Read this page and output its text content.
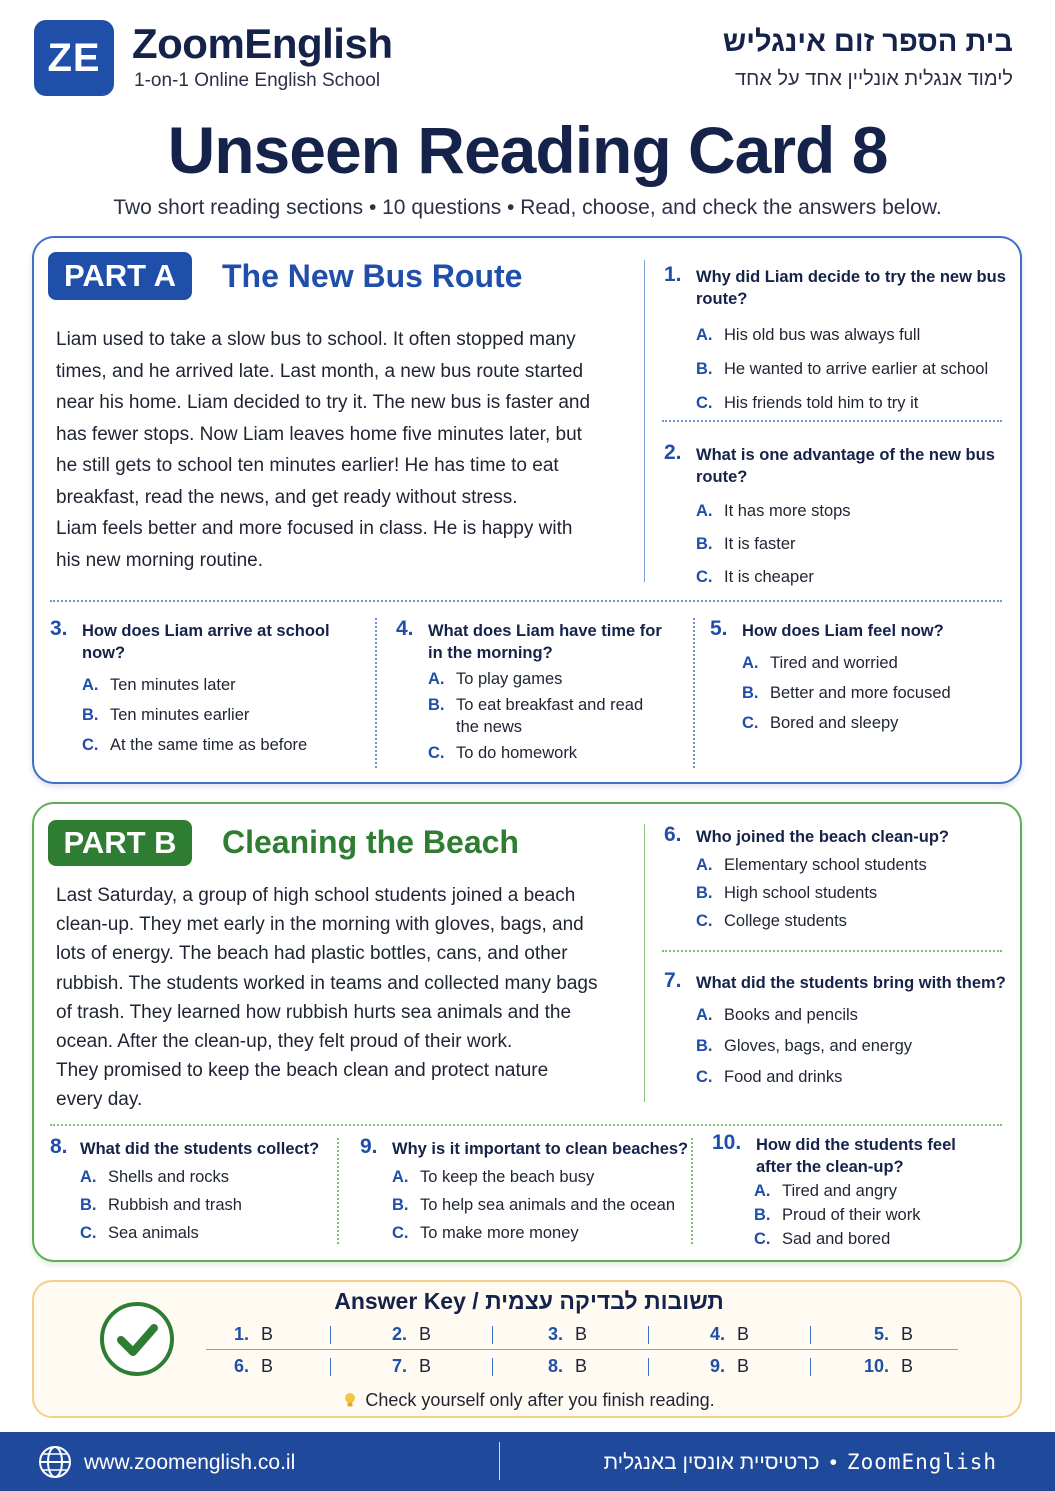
ZE ZoomEnglish
1-on-1 Online English School
בית הספר זום אינגליש
לימוד אנגלית אונליין אחד על אחד
Unseen Reading Card 8
Two short reading sections • 10 questions • Read, choose, and check the answers below.
PART A	The New Bus Route
Liam used to take a slow bus to school. It often stopped many
times, and he arrived late. Last month, a new bus route started
near his home. Liam decided to try it. The new bus is faster and
has fewer stops. Now Liam leaves home five minutes later, but
he still gets to school ten minutes earlier! He has time to eat
breakfast, read the news, and get ready without stress.
Liam feels better and more focused in class. He is happy with
his new morning routine.
1. Why did Liam decide to try the new bus route?
A. His old bus was always full
B. He wanted to arrive earlier at school
C. His friends told him to try it
2. What is one advantage of the new bus route?
A. It has more stops
B. It is faster
C. It is cheaper
3. How does Liam arrive at school now?
A. Ten minutes later
B. Ten minutes earlier
C. At the same time as before
4. What does Liam have time for in the morning?
A. To play games
B. To eat breakfast and read the news
C. To do homework
5. How does Liam feel now?
A. Tired and worried
B. Better and more focused
C. Bored and sleepy
PART B	Cleaning the Beach
Last Saturday, a group of high school students joined a beach
clean-up. They met early in the morning with gloves, bags, and
lots of energy. The beach had plastic bottles, cans, and other
rubbish. The students worked in teams and collected many bags
of trash. They learned how rubbish hurts sea animals and the
ocean. After the clean-up, they felt proud of their work.
They promised to keep the beach clean and protect nature
every day.
6. Who joined the beach clean-up?
A. Elementary school students
B. High school students
C. College students
7. What did the students bring with them?
A. Books and pencils
B. Gloves, bags, and energy
C. Food and drinks
8. What did the students collect?
A. Shells and rocks
B. Rubbish and trash
C. Sea animals
9. Why is it important to clean beaches?
A. To keep the beach busy
B. To help sea animals and the ocean
C. To make more money
10. How did the students feel after the clean-up?
A. Tired and angry
B. Proud of their work
C. Sad and bored
Answer Key / תשובות לבדיקה עצמית
1. B	2. B	3. B	4. B	5. B
6. B	7. B	8. B	9. B	10. B
Check yourself only after you finish reading.
www.zoomenglish.co.il	כרטיסיית אונסין באנגלית • ZoomEnglish
